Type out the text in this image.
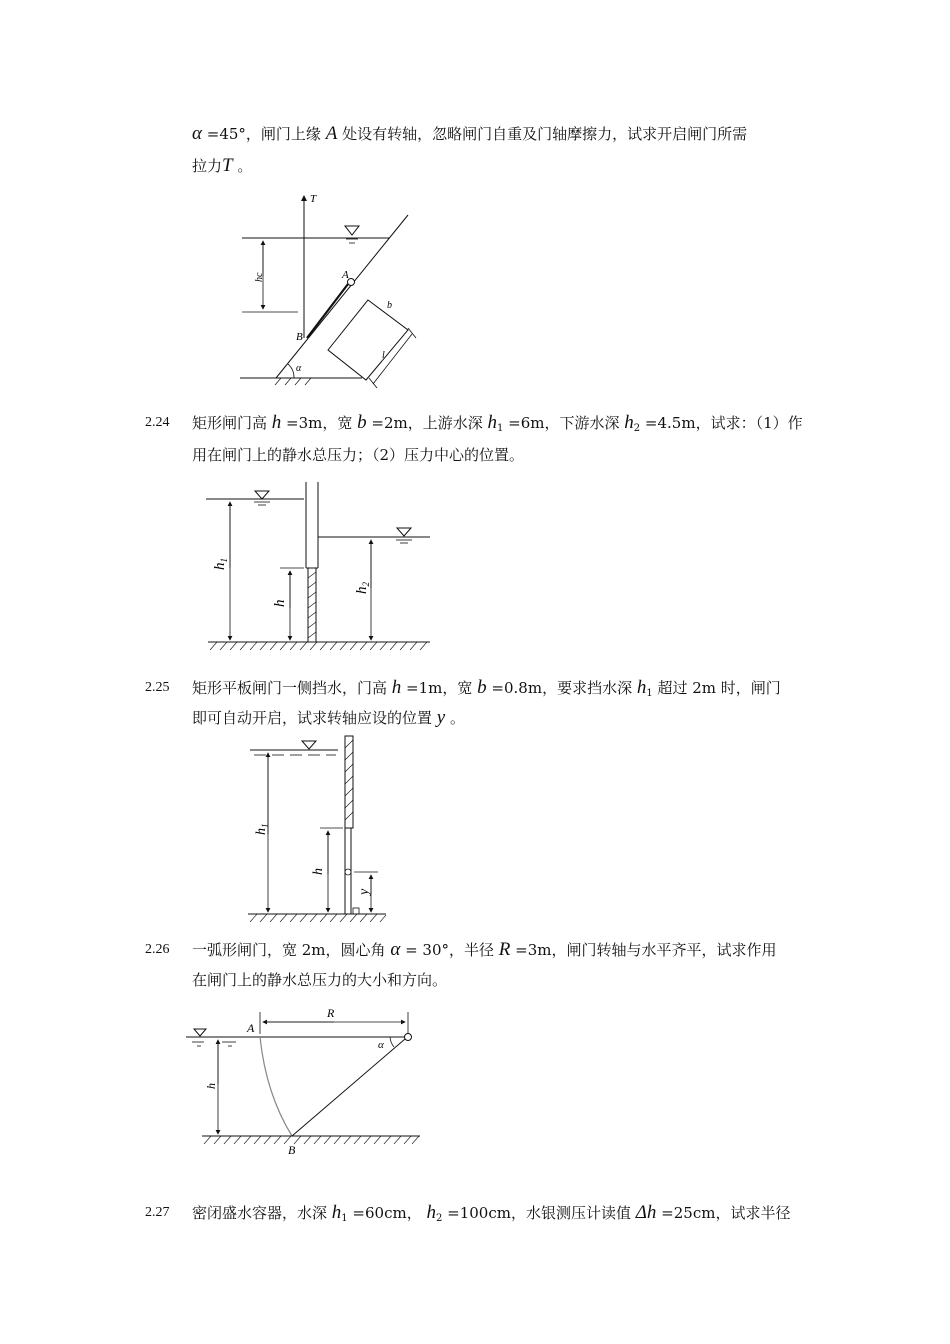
α =45°，闸门上缘 A 处设有转轴，忽略闸门自重及门轴摩擦力，试求开启闸门所需
拉力T 。
T
A
B
hc
b
l
α
2.24 矩形闸门高 h =3m，宽 b =2m，上游水深 $h_1 =6m$，下游水深 $h_2 =4.5m$，试求：（1）作
用在闸门上的静水总压力；（2）压力中心的位置。
$h_1$
h
$h_2$
2.25 矩形平板闸门一侧挡水，门高 h =1m，宽 b =0.8m，要求挡水深 $h_1$ 超过 2m 时，闸门
即可自动开启，试求转轴应设的位置 y 。
$h_1$
h
y
2.26 一弧形闸门，宽 2m，圆心角 α = 30°，半径 R =3m，闸门转轴与水平齐平，试求作用
在闸门上的静水总压力的大小和方向。
R
A
α
h
B
2.27 密闭盛水容器，水深 $h_1 =60cm$， $h_2 =100cm$，水银测压计读值 Δh =25cm，试求半径
